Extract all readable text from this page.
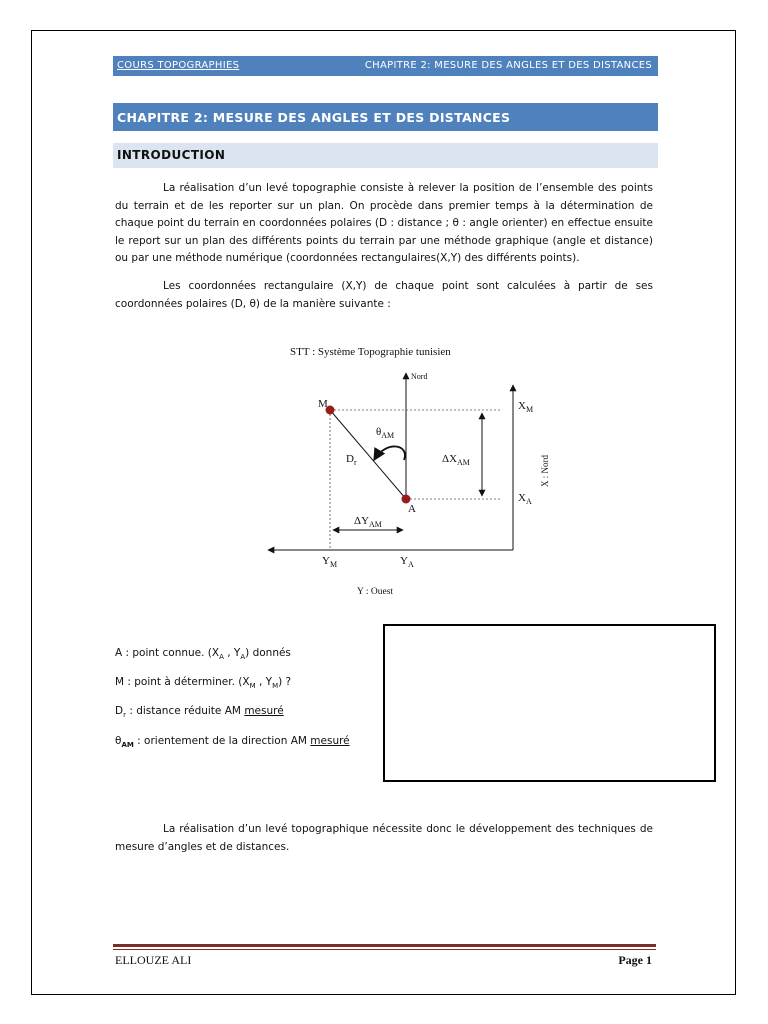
COURS TOPOGRAPHIES	CHAPITRE 2: MESURE DES ANGLES ET DES DISTANCES
CHAPITRE 2: MESURE DES ANGLES ET DES DISTANCES
INTRODUCTION

La réalisation d’un levé topographie consiste à relever la position de l’ensemble des points du terrain et de les reporter sur un plan. On procède dans premier temps à la détermination de chaque point du terrain en coordonnées polaires (D : distance ; θ : angle orienter) en effectue ensuite le report sur un plan des différents points du terrain par une méthode graphique (angle et distance) ou par une méthode numérique (coordonnées rectangulaires(X,Y) des différents points).

Les coordonnées rectangulaire (X,Y) de chaque point sont calculées à partir de ses coordonnées polaires (D, θ) de la manière suivante :

STT : Système Topographie tunisien
Nord
M
A
$\theta_{AM}$
$D_r$	$\Delta X_{AM}$
$\Delta Y_{AM}$
$X_M$
$X_A$
$Y_M$	$Y_A$
X : Nord
Y : Ouest

A : point connue. ($X_A$ , $Y_A$) donnés

M : point à déterminer. ($X_M$ , $Y_M$) ?

$D_r$ : distance réduite AM mesuré

$\theta_{AM}$ : orientement de la direction AM mesuré

La réalisation d’un levé topographique nécessite donc le développement des techniques de mesure d’angles et de distances.

ELLOUZE ALI	Page 1
